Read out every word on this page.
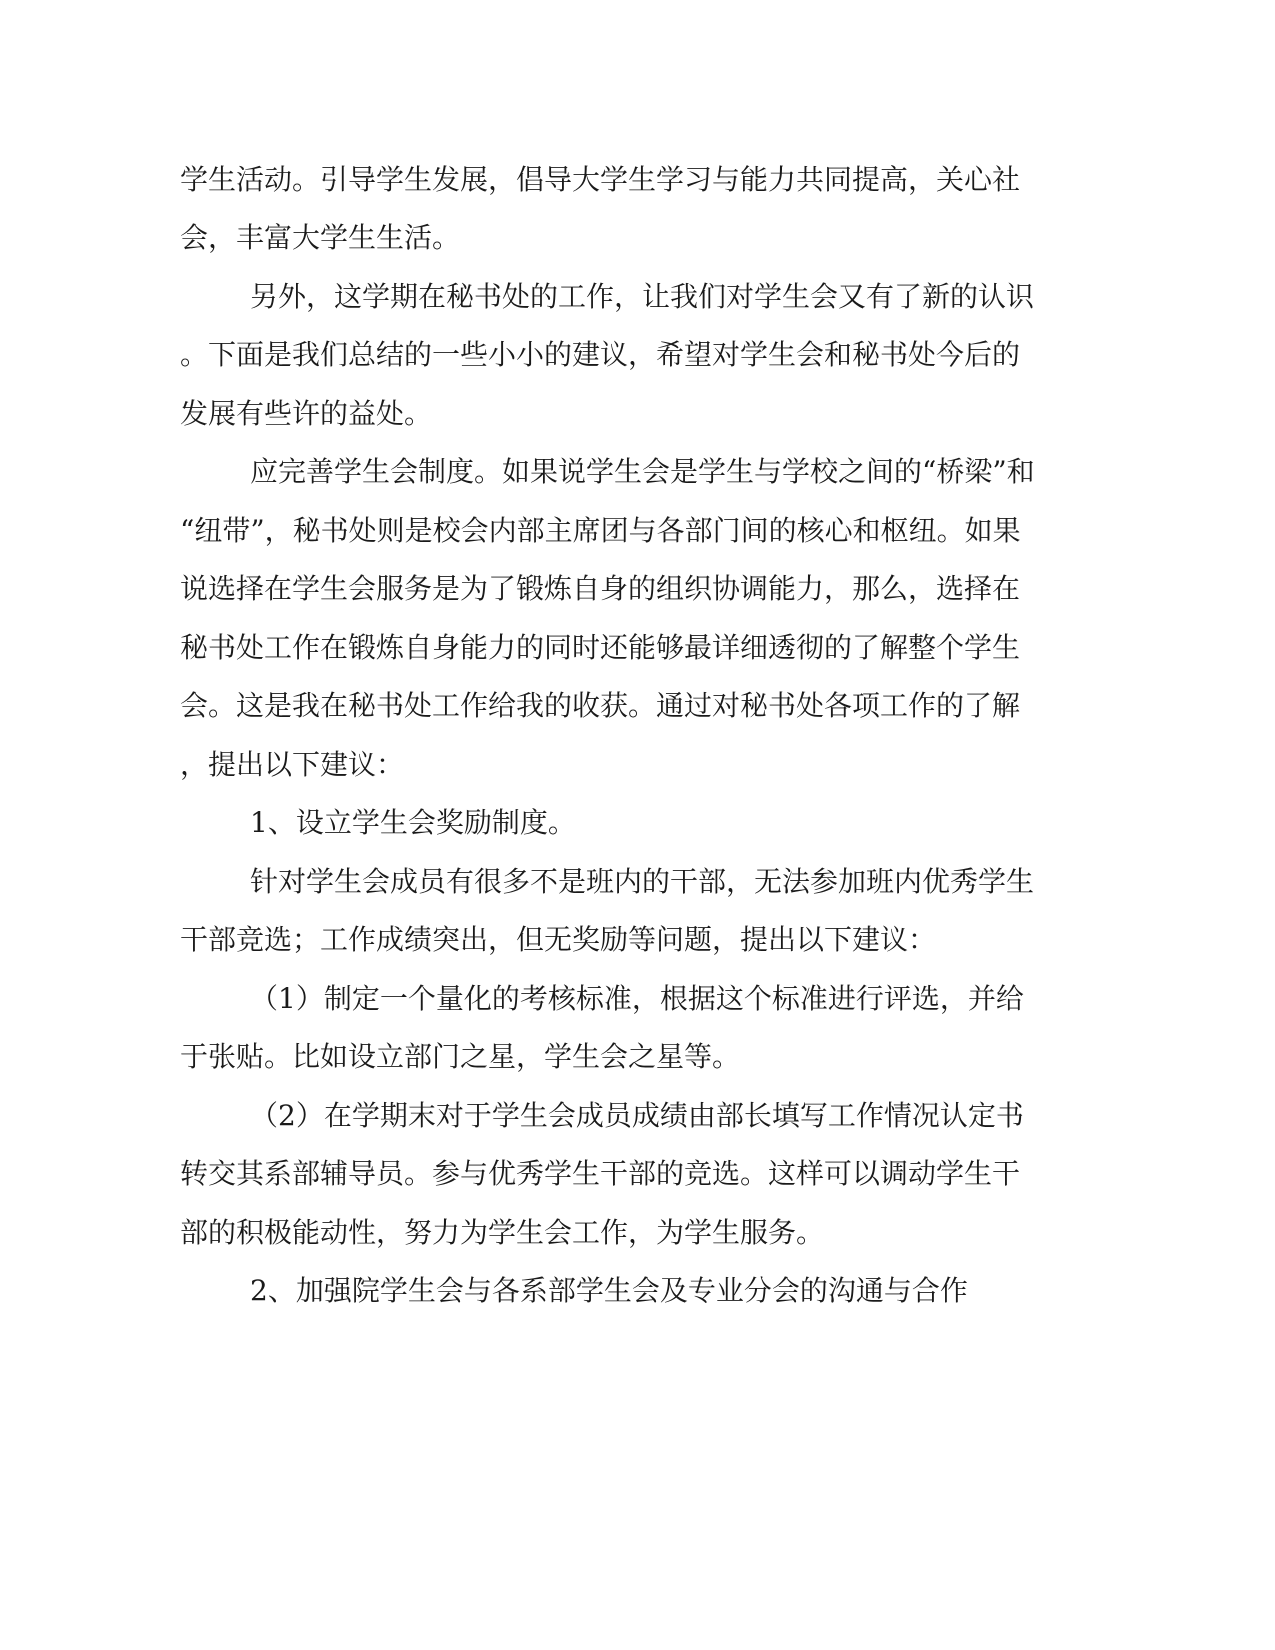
学生活动。引导学生发展，倡导大学生学习与能力共同提高，关心社
会，丰富大学生生活。
另外，这学期在秘书处的工作，让我们对学生会又有了新的认识
。下面是我们总结的一些小小的建议，希望对学生会和秘书处今后的
发展有些许的益处。
应完善学生会制度。如果说学生会是学生与学校之间的“桥梁”和
“纽带”，秘书处则是校会内部主席团与各部门间的核心和枢纽。如果
说选择在学生会服务是为了锻炼自身的组织协调能力，那么，选择在
秘书处工作在锻炼自身能力的同时还能够最详细透彻的了解整个学生
会。这是我在秘书处工作给我的收获。通过对秘书处各项工作的了解
，提出以下建议：
1、设立学生会奖励制度。
针对学生会成员有很多不是班内的干部，无法参加班内优秀学生
干部竞选；工作成绩突出，但无奖励等问题，提出以下建议：
（1）制定一个量化的考核标准，根据这个标准进行评选，并给
于张贴。比如设立部门之星，学生会之星等。
（2）在学期末对于学生会成员成绩由部长填写工作情况认定书
转交其系部辅导员。参与优秀学生干部的竞选。这样可以调动学生干
部的积极能动性，努力为学生会工作，为学生服务。
2、加强院学生会与各系部学生会及专业分会的沟通与合作
